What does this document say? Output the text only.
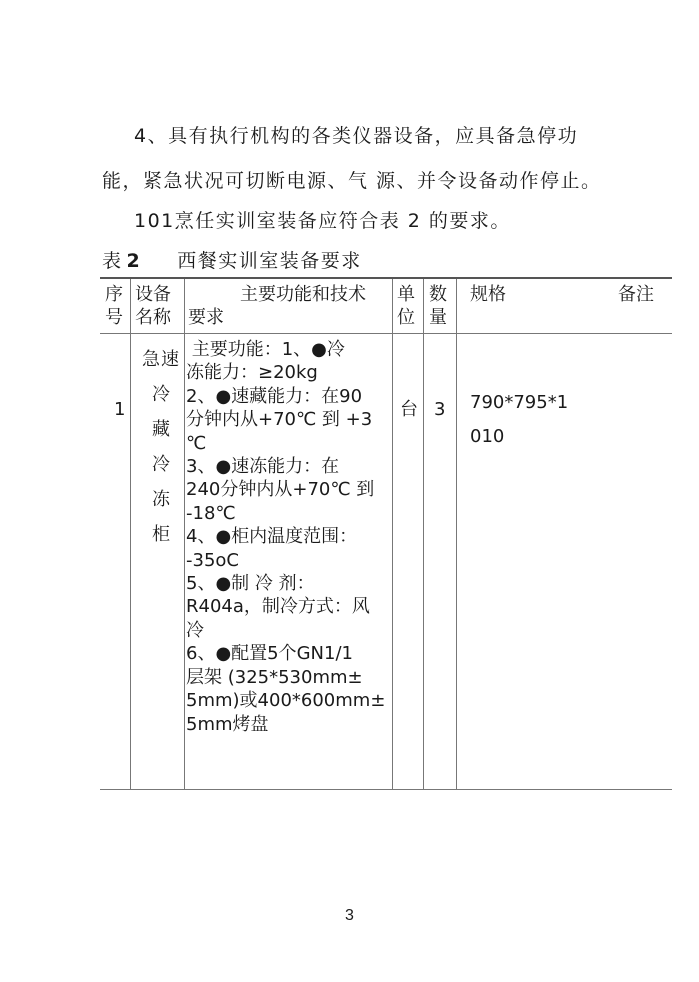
4、具有执行机构的各类仪器设备，应具备急停功
能，紧急状况可切断电源、气 源、并令设备动作停止。
101烹任实训室装备应符合表 2 的要求。
表 2 西餐实训室装备要求
序
号
设备
名称
主要功能和技术
要求
单
位
数
量
规格	备注
1
急速
冷
藏
冷
冻
柜
主要功能：1、●冷
冻能力：≥20kg
2、●速藏能力：在90
分钟内从+70℃ 到 +3
℃
3、●速冻能力：在
240分钟内从+70℃ 到
-18℃
4、●柜内温度范围：
-35oC
5、●制 冷 剂：
R404a，制冷方式：风
冷
6、●配置5个GN1/1
层架 (325*530mm±
5mm)或400*600mm±
5mm烤盘
台 3 790*795*1
010
3
